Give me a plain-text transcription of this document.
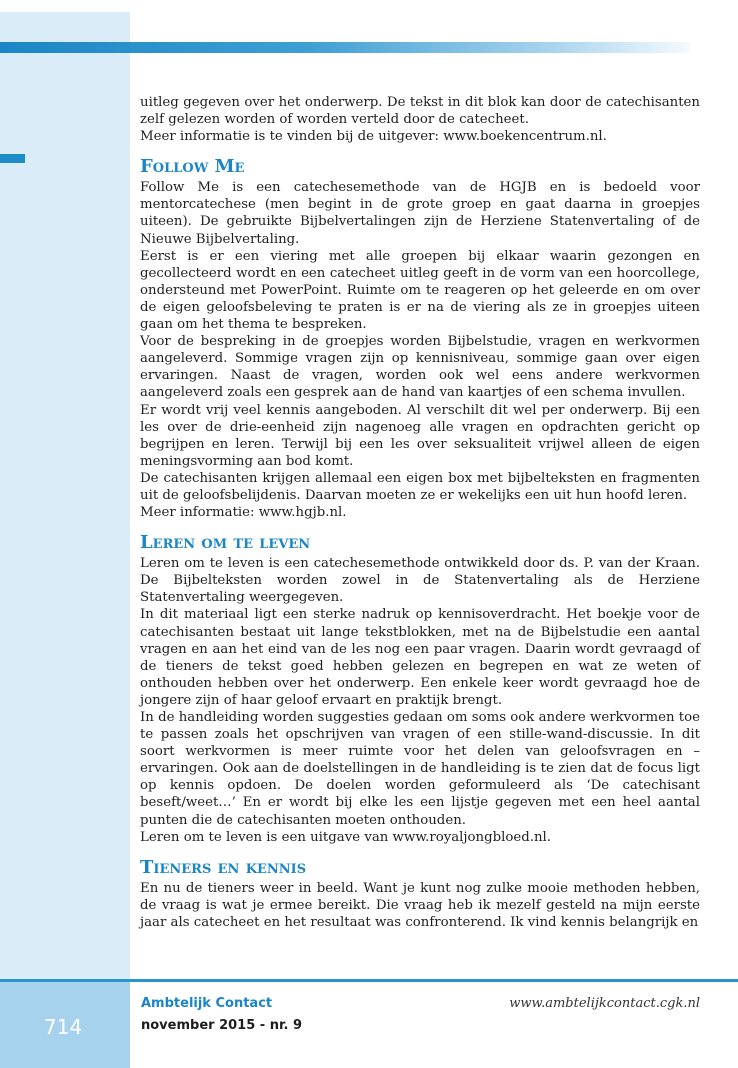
uitleg gegeven over het onderwerp. De tekst in dit blok kan door de catechisanten zelf gelezen worden of worden verteld door de catecheet.

Meer informatie is te vinden bij de uitgever: www.boekencentrum.nl.

Follow Me

Follow Me is een catechesemethode van de HGJB en is bedoeld voor mentorcatechese (men begint in de grote groep en gaat daarna in groepjes uiteen). De gebruikte Bijbelvertalingen zijn de Herziene Statenvertaling of de Nieuwe Bijbelvertaling.

Eerst is er een viering met alle groepen bij elkaar waarin gezongen en gecollecteerd wordt en een catecheet uitleg geeft in de vorm van een hoorcollege, ondersteund met PowerPoint. Ruimte om te reageren op het geleerde en om over de eigen geloofsbeleving te praten is er na de viering als ze in groepjes uiteen gaan om het thema te bespreken.

Voor de bespreking in de groepjes worden Bijbelstudie, vragen en werkvormen aangeleverd. Sommige vragen zijn op kennisniveau, sommige gaan over eigen ervaringen. Naast de vragen, worden ook wel eens andere werkvormen aangeleverd zoals een gesprek aan de hand van kaartjes of een schema invullen.

Er wordt vrij veel kennis aangeboden. Al verschilt dit wel per onderwerp. Bij een les over de drie-eenheid zijn nagenoeg alle vragen en opdrachten gericht op begrijpen en leren. Terwijl bij een les over seksualiteit vrijwel alleen de eigen meningsvorming aan bod komt.

De catechisanten krijgen allemaal een eigen box met bijbelteksten en fragmenten uit de geloofsbelijdenis. Daarvan moeten ze er wekelijks een uit hun hoofd leren.

Meer informatie: www.hgjb.nl.

Leren om te leven

Leren om te leven is een catechesemethode ontwikkeld door ds. P. van der Kraan. De Bijbelteksten worden zowel in de Statenvertaling als de Herziene Statenvertaling weergegeven.

In dit materiaal ligt een sterke nadruk op kennisoverdracht. Het boekje voor de catechisanten bestaat uit lange tekstblokken, met na de Bijbelstudie een aantal vragen en aan het eind van de les nog een paar vragen. Daarin wordt gevraagd of de tieners de tekst goed hebben gelezen en begrepen en wat ze weten of onthouden hebben over het onderwerp. Een enkele keer wordt gevraagd hoe de jongere zijn of haar geloof ervaart en praktijk brengt.

In de handleiding worden suggesties gedaan om soms ook andere werkvormen toe te passen zoals het opschrijven van vragen of een stille-wand-discussie. In dit soort werkvormen is meer ruimte voor het delen van geloofsvragen en –ervaringen. Ook aan de doelstellingen in de handleiding is te zien dat de focus ligt op kennis opdoen. De doelen worden geformuleerd als ‘De catechisant beseft/weet…’ En er wordt bij elke les een lijstje gegeven met een heel aantal punten die de catechisanten moeten onthouden.

Leren om te leven is een uitgave van www.royaljongbloed.nl.

Tieners en kennis

En nu de tieners weer in beeld. Want je kunt nog zulke mooie methoden hebben, de vraag is wat je ermee bereikt. Die vraag heb ik mezelf gesteld na mijn eerste jaar als catecheet en het resultaat was confronterend. Ik vind kennis belangrijk en

714
Ambtelijk Contact
november 2015 - nr. 9
www.ambtelijkcontact.cgk.nl
